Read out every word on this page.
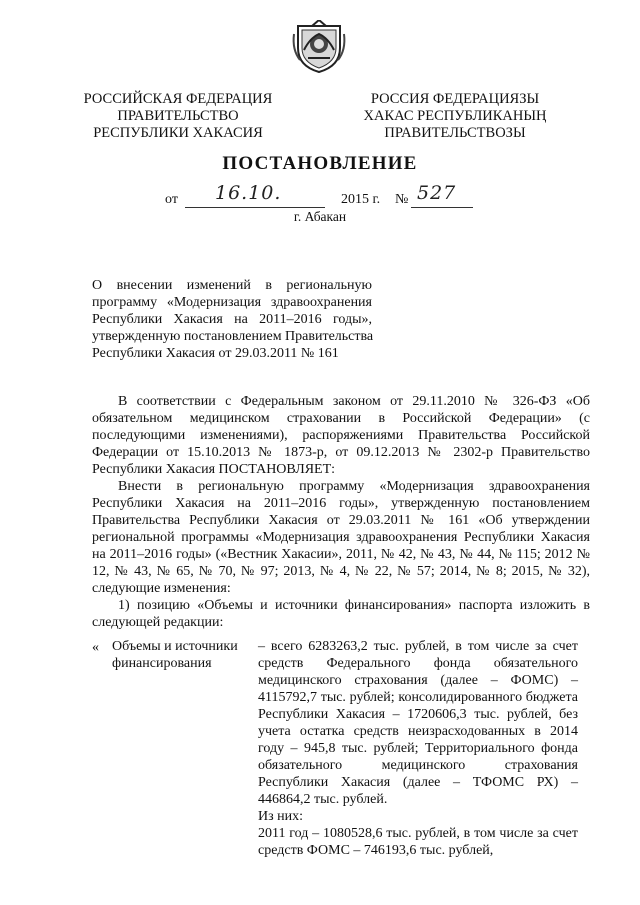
РОССИЙСКАЯ ФЕДЕРАЦИЯ
ПРАВИТЕЛЬСТВО
РЕСПУБЛИКИ ХАКАСИЯ
РОССИЯ ФЕДЕРАЦИЯЗЫ
ХАКАС РЕСПУБЛИКАНЫҢ
ПРАВИТЕЛЬСТВОЗЫ
ПОСТАНОВЛЕНИЕ
от 16.10.	2015 г. № 527
г. Абакан
О внесении изменений в региональную
программу «Модернизация здравоохранения
Республики Хакасия на 2011–2016 годы»,
утвержденную постановлением Правительства
Республики Хакасия от 29.03.2011 № 161

В соответствии с Федеральным законом от 29.11.2010 № 326-ФЗ «Об обязательном медицинском страховании в Российской Федерации» (с последующими изменениями), распоряжениями Правительства Российской Федерации от 15.10.2013 № 1873-р, от 09.12.2013 № 2302-р Правительство Республики Хакасия ПОСТАНОВЛЯЕТ:

Внести в региональную программу «Модернизация здравоохранения Республики Хакасия на 2011–2016 годы», утвержденную постановлением Правительства Республики Хакасия от 29.03.2011 № 161 «Об утверждении региональной программы «Модернизация здравоохранения Республики Хакасия на 2011–2016 годы» («Вестник Хакасии», 2011, № 42, № 43, № 44, № 115; 2012 № 12, № 43, № 65, № 70, № 97; 2013, № 4, № 22, № 57; 2014, № 8; 2015, № 32), следующие изменения:

1) позицию «Объемы и источники финансирования» паспорта изложить в следующей редакции:

« Объемы и источники
финансирования

– всего 6283263,2 тыс. рублей, в том числе за счет средств Федерального фонда обязательного медицинского страхования (далее – ФОМС) – 4115792,7 тыс. рублей; консолидированного бюджета Республики Хакасия – 1720606,3 тыс. рублей, без учета остатка средств неизрасходованных в 2014 году – 945,8 тыс. рублей; Территориального фонда обязательного медицинского страхования Республики Хакасия (далее – ТФОМС РХ) – 446864,2 тыс. рублей.

Из них:

2011 год – 1080528,6 тыс. рублей, в том числе за счет средств ФОМС – 746193,6 тыс. рублей,
